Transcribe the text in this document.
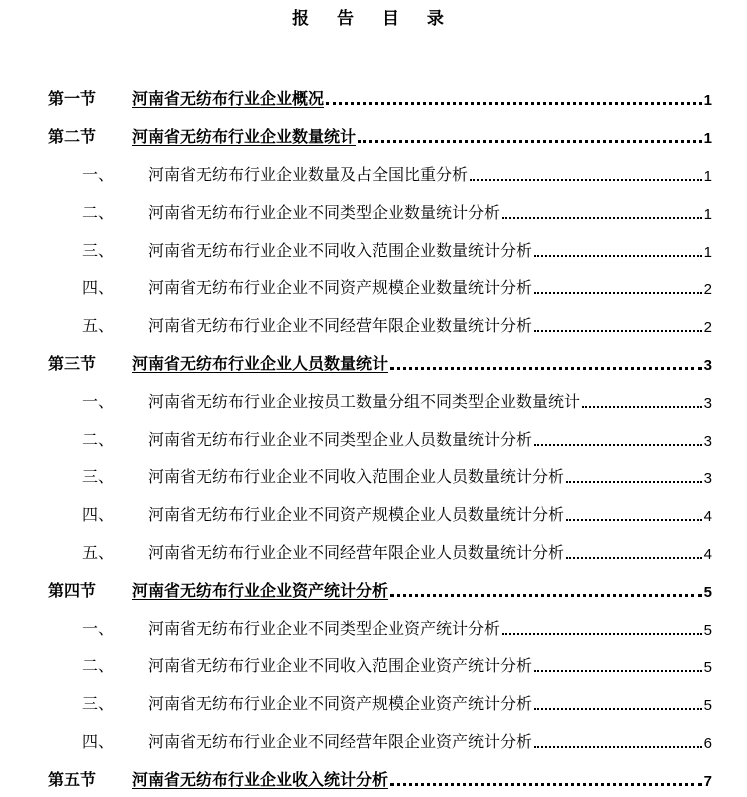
报 告 目 录
第一节 河南省无纺布行业企业概况	1
第二节 河南省无纺布行业企业数量统计	1
一、 河南省无纺布行业企业数量及占全国比重分析	1
二、 河南省无纺布行业企业不同类型企业数量统计分析	1
三、 河南省无纺布行业企业不同收入范围企业数量统计分析	1
四、 河南省无纺布行业企业不同资产规模企业数量统计分析	2
五、 河南省无纺布行业企业不同经营年限企业数量统计分析	2
第三节 河南省无纺布行业企业人员数量统计	3
一、 河南省无纺布行业企业按员工数量分组不同类型企业数量统计	3
二、 河南省无纺布行业企业不同类型企业人员数量统计分析	3
三、 河南省无纺布行业企业不同收入范围企业人员数量统计分析	3
四、 河南省无纺布行业企业不同资产规模企业人员数量统计分析	4
五、 河南省无纺布行业企业不同经营年限企业人员数量统计分析	4
第四节 河南省无纺布行业企业资产统计分析	5
一、 河南省无纺布行业企业不同类型企业资产统计分析	5
二、 河南省无纺布行业企业不同收入范围企业资产统计分析	5
三、 河南省无纺布行业企业不同资产规模企业资产统计分析	5
四、 河南省无纺布行业企业不同经营年限企业资产统计分析	6
第五节 河南省无纺布行业企业收入统计分析	7
